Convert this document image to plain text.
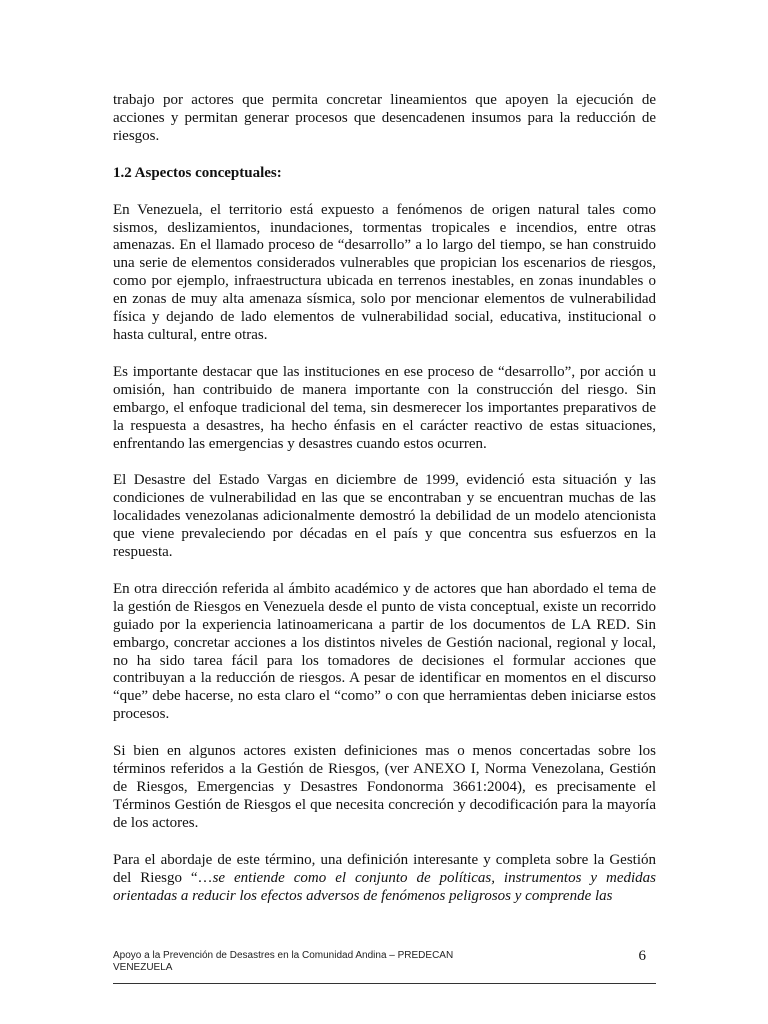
trabajo por actores que permita concretar lineamientos que apoyen la ejecución de acciones y permitan generar procesos que desencadenen insumos para la reducción de riesgos.

1.2 Aspectos conceptuales:

En Venezuela, el territorio está expuesto a fenómenos de origen natural tales como sismos, deslizamientos, inundaciones, tormentas tropicales e incendios, entre otras amenazas. En el llamado proceso de “desarrollo” a lo largo del tiempo, se han construido una serie de elementos considerados vulnerables que propician los escenarios de riesgos, como por ejemplo, infraestructura ubicada en terrenos inestables, en zonas inundables o en zonas de muy alta amenaza sísmica, solo por mencionar elementos de vulnerabilidad física y dejando de lado elementos de vulnerabilidad social, educativa, institucional o hasta cultural, entre otras.

Es importante destacar que las instituciones en ese proceso de “desarrollo”, por acción u omisión, han contribuido de manera importante con la construcción del riesgo. Sin embargo, el enfoque tradicional del tema, sin desmerecer los importantes preparativos de la respuesta a desastres, ha hecho énfasis en el carácter reactivo de estas situaciones, enfrentando las emergencias y desastres cuando estos ocurren.

El Desastre del Estado Vargas en diciembre de 1999, evidenció esta situación y las condiciones de vulnerabilidad en las que se encontraban y se encuentran muchas de las localidades venezolanas adicionalmente demostró la debilidad de un modelo atencionista que viene prevaleciendo por décadas en el país y que concentra sus esfuerzos en la respuesta.

En otra dirección referida al ámbito académico y de actores que han abordado el tema de la gestión de Riesgos en Venezuela desde el punto de vista conceptual, existe un recorrido guiado por la experiencia latinoamericana a partir de los documentos de LA RED. Sin embargo, concretar acciones a los distintos niveles de Gestión nacional, regional y local, no ha sido tarea fácil para los tomadores de decisiones el formular acciones que contribuyan a la reducción de riesgos. A pesar de identificar en momentos en el discurso “que” debe hacerse, no esta claro el “como” o con que herramientas deben iniciarse estos procesos.

Si bien en algunos actores existen definiciones mas o menos concertadas sobre los términos referidos a la Gestión de Riesgos, (ver ANEXO I, Norma Venezolana, Gestión de Riesgos, Emergencias y Desastres Fondonorma 3661:2004), es precisamente el Términos Gestión de Riesgos el que necesita concreción y decodificación para la mayoría de los actores.

Para el abordaje de este término, una definición interesante y completa sobre la Gestión del Riesgo “…se entiende como el conjunto de políticas, instrumentos y medidas orientadas a reducir los efectos adversos de fenómenos peligrosos y comprende las

Apoyo a la Prevención de Desastres en la Comunidad Andina – PREDECAN
VENEZUELA
6
